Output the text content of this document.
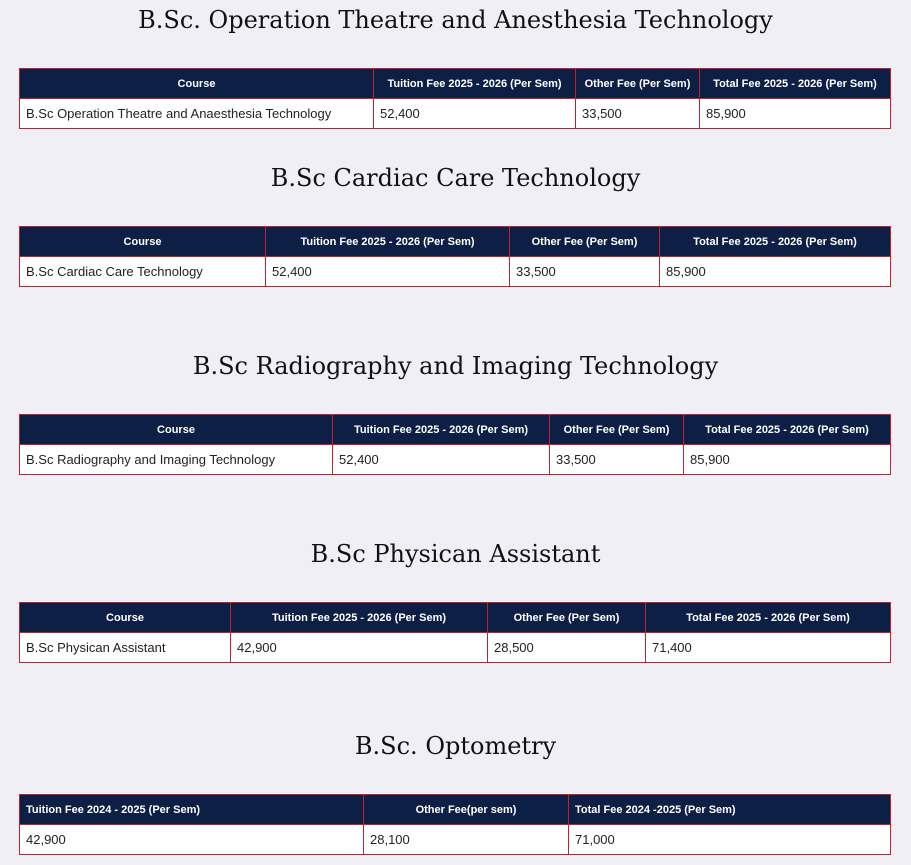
B.Sc. Operation Theatre and Anesthesia Technology
Course	Tuition Fee 2025 - 2026 (Per Sem)	Other Fee (Per Sem)	Total Fee 2025 - 2026 (Per Sem)
B.Sc Operation Theatre and Anaesthesia Technology	52,400	33,500	85,900
B.Sc Cardiac Care Technology
Course	Tuition Fee 2025 - 2026 (Per Sem)	Other Fee (Per Sem)	Total Fee 2025 - 2026 (Per Sem)
B.Sc Cardiac Care Technology	52,400	33,500	85,900
B.Sc Radiography and Imaging Technology
Course	Tuition Fee 2025 - 2026 (Per Sem)	Other Fee (Per Sem)	Total Fee 2025 - 2026 (Per Sem)
B.Sc Radiography and Imaging Technology	52,400	33,500	85,900
B.Sc Physican Assistant
Course	Tuition Fee 2025 - 2026 (Per Sem)	Other Fee (Per Sem)	Total Fee 2025 - 2026 (Per Sem)
B.Sc Physican Assistant	42,900	28,500	71,400
B.Sc. Optometry
Tuition Fee 2024 - 2025 (Per Sem)	Other Fee(per sem)	Total Fee 2024 -2025 (Per Sem)
42,900	28,100	71,000
